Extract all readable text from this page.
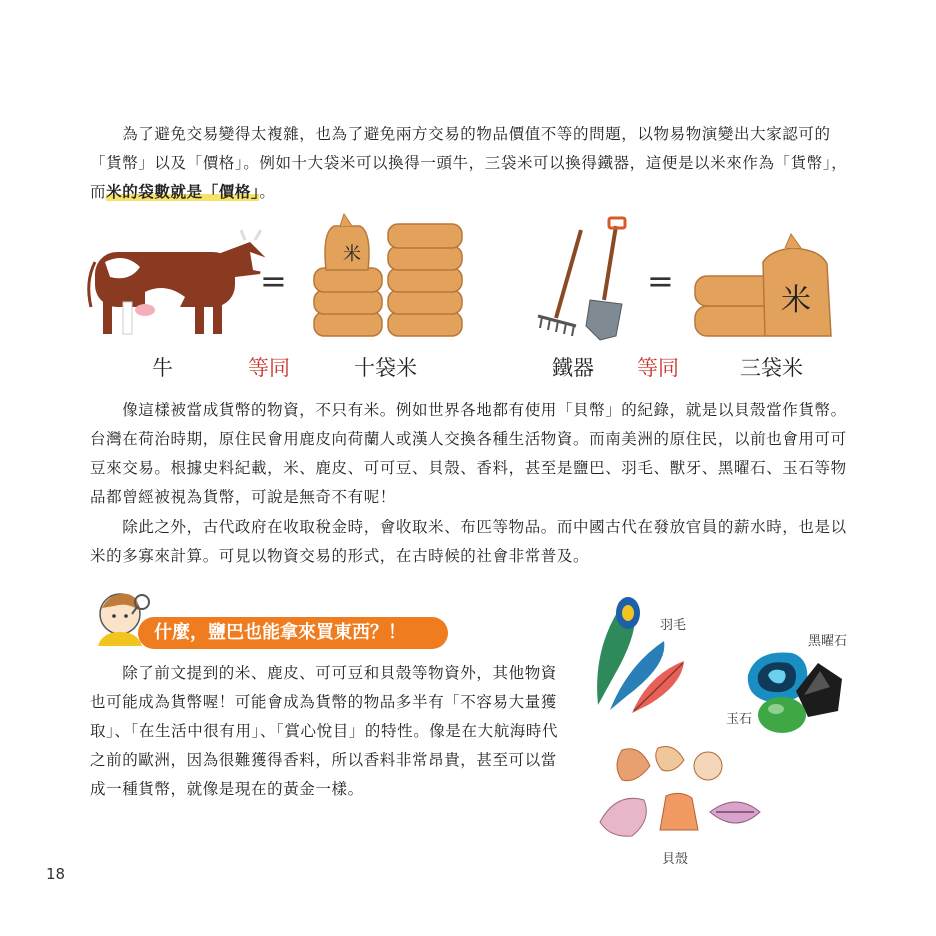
　　為了避免交易變得太複雜，也為了避免兩方交易的物品價值不等的問題，以物易物演變出大家認可的「貨幣」以及「價格」。例如十大袋米可以換得一頭牛，三袋米可以換得鐵器，這便是以米來作為「貨幣」，而米的袋數就是「價格」。

=
米
=
米
牛	等同	十袋米	鐵器 等同	三袋米

　　像這樣被當成貨幣的物資，不只有米。例如世界各地都有使用「貝幣」的紀錄，就是以貝殼當作貨幣。台灣在荷治時期，原住民會用鹿皮向荷蘭人或漢人交換各種生活物資。而南美洲的原住民，以前也會用可可豆來交易。根據史料紀載，米、鹿皮、可可豆、貝殼、香料，甚至是鹽巴、羽毛、獸牙、黑曜石、玉石等物品都曾經被視為貨幣，可說是無奇不有呢！

　　除此之外，古代政府在收取稅金時，會收取米、布匹等物品。而中國古代在發放官員的薪水時，也是以米的多寡來計算。可見以物資交易的形式，在古時候的社會非常普及。

什麼，鹽巴也能拿來買東西？！

　　除了前文提到的米、鹿皮、可可豆和貝殼等物資外，其他物資也可能成為貨幣喔！可能會成為貨幣的物品多半有「不容易大量獲取」、「在生活中很有用」、「賞心悅目」的特性。像是在大航海時代之前的歐洲，因為很難獲得香料，所以香料非常昂貴，甚至可以當成一種貨幣，就像是現在的黃金一樣。

羽毛
黑曜石
玉石
貝殼
18
